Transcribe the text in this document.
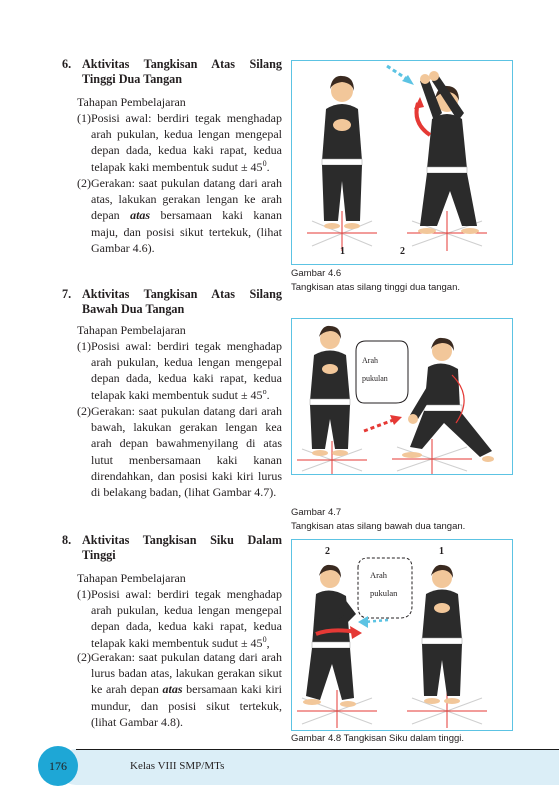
6. Aktivitas Tangkisan Atas Silang
Tinggi Dua Tangan
Tahapan Pembelajaran
(1) Posisi awal: berdiri tegak menghadap arah pukulan, kedua lengan mengepal depan dada, kedua kaki rapat, kedua telapak kaki membentuk sudut ± $45^0$.
(2) Gerakan: saat pukulan datang dari arah atas, lakukan gerakan lengan ke arah depan atas bersamaan kaki kanan maju, dan posisi sikut tertekuk, (lihat Gambar 4.6).
7. Aktivitas Tangkisan Atas Silang
Bawah Dua Tangan
Tahapan Pembelajaran
(1) Posisi awal: berdiri tegak menghadap arah pukulan, kedua lengan mengepal depan dada, kedua kaki rapat, kedua telapak kaki membentuk sudut ± $45^o$.
(2) Gerakan: saat pukulan datang dari arah bawah, lakukan gerakan lengan kea arah depan bawahmenyilang di atas lutut menbersamaan kaki kanan direndahkan, dan posisi kaki kiri lurus di belakang badan, (lihat Gambar 4.7).
8. Aktivitas Tangkisan Siku Dalam
Tinggi
Tahapan Pembelajaran
(1) Posisi awal: berdiri tegak menghadap arah pukulan, kedua lengan mengepal depan dada, kedua kaki rapat, kedua telapak kaki membentuk sudut ± $45^0$,
(2) Gerakan: saat pukulan datang dari arah lurus badan atas, lakukan gerakan sikut ke arah depan atas bersamaan kaki kiri mundur, dan posisi sikut tertekuk, (lihat Gambar 4.8).
1	2
Gambar 4.6
Tangkisan atas silang tinggi dua tangan.
Arah
pukulan
Gambar 4.7
Tangkisan atas silang bawah dua tangan.
Arah
pukulan
2	1
Gambar 4.8 Tangkisan Siku dalam tinggi.
176	Kelas VIII SMP/MTs
